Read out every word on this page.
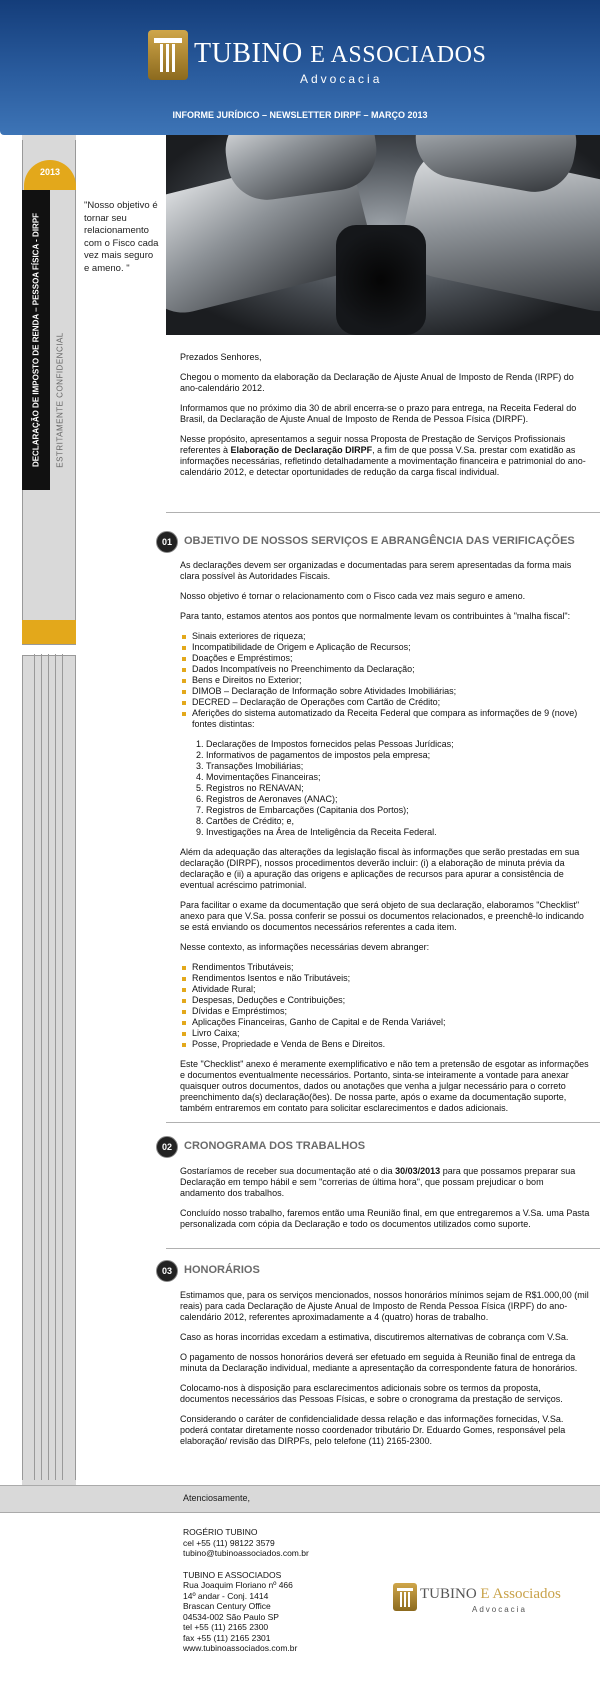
TUBINO E ASSOCIADOS
Advocacia
INFORME JURÍDICO – NEWSLETTER DIRPF – MARÇO 2013
2013
DECLARAÇÃO DE IMPOSTO DE RENDA – PESSOA FÍSICA - DIRPF ESTRITAMENTE CONFIDENCIAL
"Nosso objetivo é tornar seu relacionamento com o Fisco cada vez mais seguro e ameno. "

Prezados Senhores,

Chegou o momento da elaboração da Declaração de Ajuste Anual de Imposto de Renda (IRPF) do ano-calendário 2012.

Informamos que no próximo dia 30 de abril encerra-se o prazo para entrega, na Receita Federal do Brasil, da Declaração de Ajuste Anual de Imposto de Renda de Pessoa Física (DIRPF).

Nesse propósito, apresentamos a seguir nossa Proposta de Prestação de Serviços Profissionais referentes à Elaboração de Declaração DIRPF, a fim de que possa V.Sa. prestar com exatidão as informações necessárias, refletindo detalhadamente a movimentação financeira e patrimonial do ano-calendário 2012, e detectar oportunidades de redução da carga fiscal individual.

01	OBJETIVO DE NOSSOS SERVIÇOS E ABRANGÊNCIA DAS VERIFICAÇÕES

As declarações devem ser organizadas e documentadas para serem apresentadas da forma mais clara possível às Autoridades Fiscais.

Nosso objetivo é tornar o relacionamento com o Fisco cada vez mais seguro e ameno.

Para tanto, estamos atentos aos pontos que normalmente levam os contribuintes à "malha fiscal":

Sinais exteriores de riqueza;
Incompatibilidade de Origem e Aplicação de Recursos;
Doações e Empréstimos;
Dados Incompatíveis no Preenchimento da Declaração;
Bens e Direitos no Exterior;
DIMOB – Declaração de Informação sobre Atividades Imobiliárias;
DECRED – Declaração de Operações com Cartão de Crédito;
Aferições do sistema automatizado da Receita Federal que compara as informações de 9 (nove) fontes distintas:
1. Declarações de Impostos fornecidos pelas Pessoas Jurídicas;
2. Informativos de pagamentos de impostos pela empresa;
3. Transações Imobiliárias;
4. Movimentações Financeiras;
5. Registros no RENAVAN;
6. Registros de Aeronaves (ANAC);
7. Registros de Embarcações (Capitania dos Portos);
8. Cartões de Crédito; e,
9. Investigações na Área de Inteligência da Receita Federal.

Além da adequação das alterações da legislação fiscal às informações que serão prestadas em sua declaração (DIRPF), nossos procedimentos deverão incluir: (i) a elaboração de minuta prévia da declaração e (ii) a apuração das origens e aplicações de recursos para apurar a consistência de eventual acréscimo patrimonial.

Para facilitar o exame da documentação que será objeto de sua declaração, elaboramos "Checklist" anexo para que V.Sa. possa conferir se possui os documentos relacionados, e preenchê-lo indicando se está enviando os documentos necessários referentes a cada item.

Nesse contexto, as informações necessárias devem abranger:

Rendimentos Tributáveis;
Rendimentos Isentos e não Tributáveis;
Atividade Rural;
Despesas, Deduções e Contribuições;
Dívidas e Empréstimos;
Aplicações Financeiras, Ganho de Capital e de Renda Variável;
Livro Caixa;
Posse, Propriedade e Venda de Bens e Direitos.

Este "Checklist" anexo é meramente exemplificativo e não tem a pretensão de esgotar as informações e documentos eventualmente necessários. Portanto, sinta-se inteiramente a vontade para anexar quaisquer outros documentos, dados ou anotações que venha a julgar necessário para o correto preenchimento da(s) declaração(ões). De nossa parte, após o exame da documentação suporte, também entraremos em contato para solicitar esclarecimentos e dados adicionais.

02	CRONOGRAMA DOS TRABALHOS

Gostaríamos de receber sua documentação até o dia 30/03/2013 para que possamos preparar sua Declaração em tempo hábil e sem "correrias de última hora", que possam prejudicar o bom andamento dos trabalhos.

Concluído nosso trabalho, faremos então uma Reunião final, em que entregaremos a V.Sa. uma Pasta personalizada com cópia da Declaração e todo os documentos utilizados como suporte.

03	HONORÁRIOS

Estimamos que, para os serviços mencionados, nossos honorários mínimos sejam de R$1.000,00 (mil reais) para cada Declaração de Ajuste Anual de Imposto de Renda Pessoa Física (IRPF) do ano-calendário 2012, referentes aproximadamente a 4 (quatro) horas de trabalho.

Caso as horas incorridas excedam a estimativa, discutiremos alternativas de cobrança com V.Sa.

O pagamento de nossos honorários deverá ser efetuado em seguida à Reunião final de entrega da minuta da Declaração individual, mediante a apresentação da correspondente fatura de honorários.

Colocamo-nos à disposição para esclarecimentos adicionais sobre os termos da proposta, documentos necessários das Pessoas Físicas, e sobre o cronograma da prestação de serviços.

Considerando o caráter de confidencialidade dessa relação e das informações fornecidas, V.Sa. poderá contatar diretamente nosso coordenador tributário Dr. Eduardo Gomes, responsável pela elaboração/ revisão das DIRPFs, pelo telefone (11) 2165-2300.

Atenciosamente,
ROGÉRIO TUBINO
cel +55 (11) 98122 3579
tubino@tubinoassociados.com.br
TUBINO E ASSOCIADOS
Rua Joaquim Floriano nº 466
14º andar - Conj. 1414
Brascan Century Office
04534-002 São Paulo SP
tel +55 (11) 2165 2300
fax +55 (11) 2165 2301
www.tubinoassociados.com.br
TUBINO E Associados
Advocacia
